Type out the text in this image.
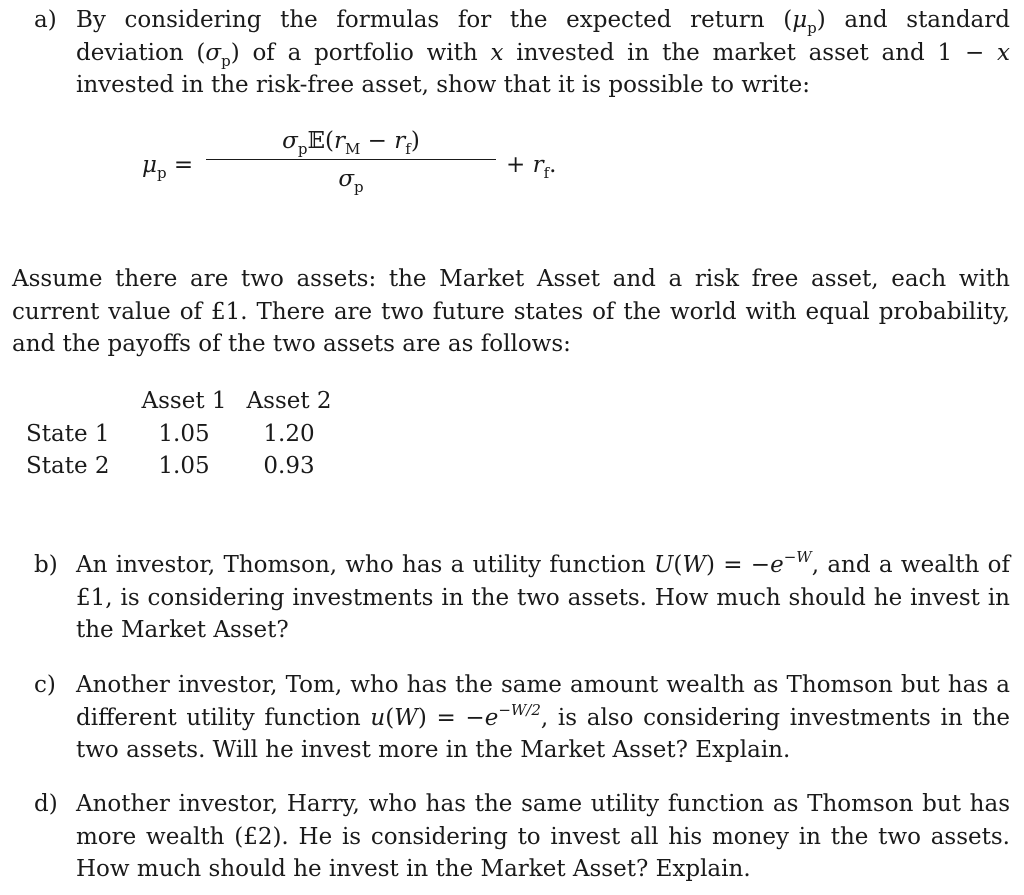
a) By considering the formulas for the expected return $(\mu_p)$ and standard deviation $(\sigma_p)$ of a portfolio with x invested in the market asset and 1 − x invested in the risk-free asset, show that it is possible to write:
$\mu_p$ =
$\sigma_p𝔼(r_M - r_f)$
$\sigma_p$
+ $r_f$.
Assume there are two assets: the Market Asset and a risk free asset, each with current value of £1. There are two future states of the world with equal probability, and the payoffs of the two assets are as follows:
	Asset 1	Asset 2
State 1	1.05	1.20
State 2	1.05	0.93
b) An investor, Thomson, who has a utility function $U(W) = -e^{-W}$, and a wealth of £1, is considering investments in the two assets. How much should he invest in the Market Asset?
c) Another investor, Tom, who has the same amount wealth as Thomson but has a different utility function $u(W) = -e^{-W/2}$, is also considering investments in the two assets. Will he invest more in the Market Asset? Explain.
d) Another investor, Harry, who has the same utility function as Thomson but has more wealth (£2). He is considering to invest all his money in the two assets. How much should he invest in the Market Asset? Explain.
